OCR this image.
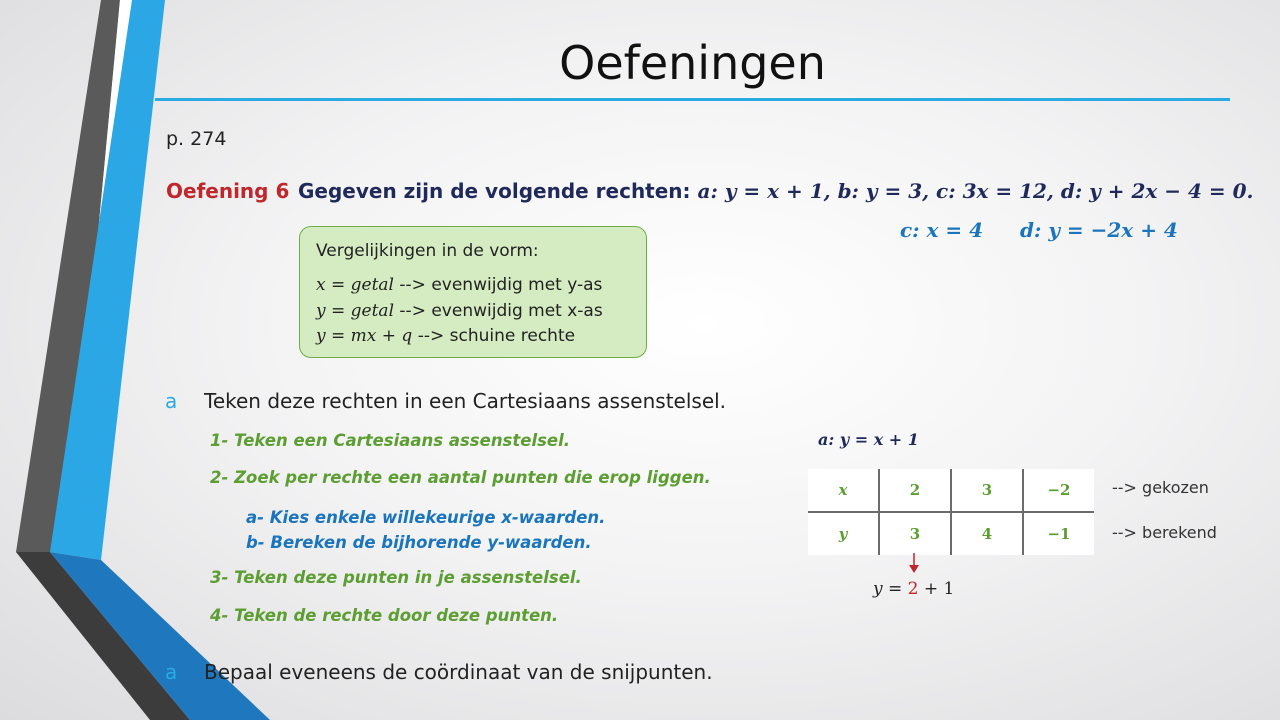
Oefeningen
p. 274
Oefening 6 Gegeven zijn de volgende rechten: a: y = x + 1, b: y = 3, c: 3x = 12, d: y + 2x − 4 = 0.
c: x = 4 d: y = −2x + 4
Vergelijkingen in de vorm:
x = getal --> evenwijdig met y-as
y = getal --> evenwijdig met x-as
y = mx + q --> schuine rechte
a Teken deze rechten in een Cartesiaans assenstelsel.
1- Teken een Cartesiaans assenstelsel.
2- Zoek per rechte een aantal punten die erop liggen.
a- Kies enkele willekeurige x-waarden.
b- Bereken de bijhorende y-waarden.
3- Teken deze punten in je assenstelsel.
4- Teken de rechte door deze punten.
a Bepaal eveneens de coördinaat van de snijpunten.
a: y = x + 1
x	2	3	−2
y	3	4	−1
--> gekozen
--> berekend
y = 2 + 1
